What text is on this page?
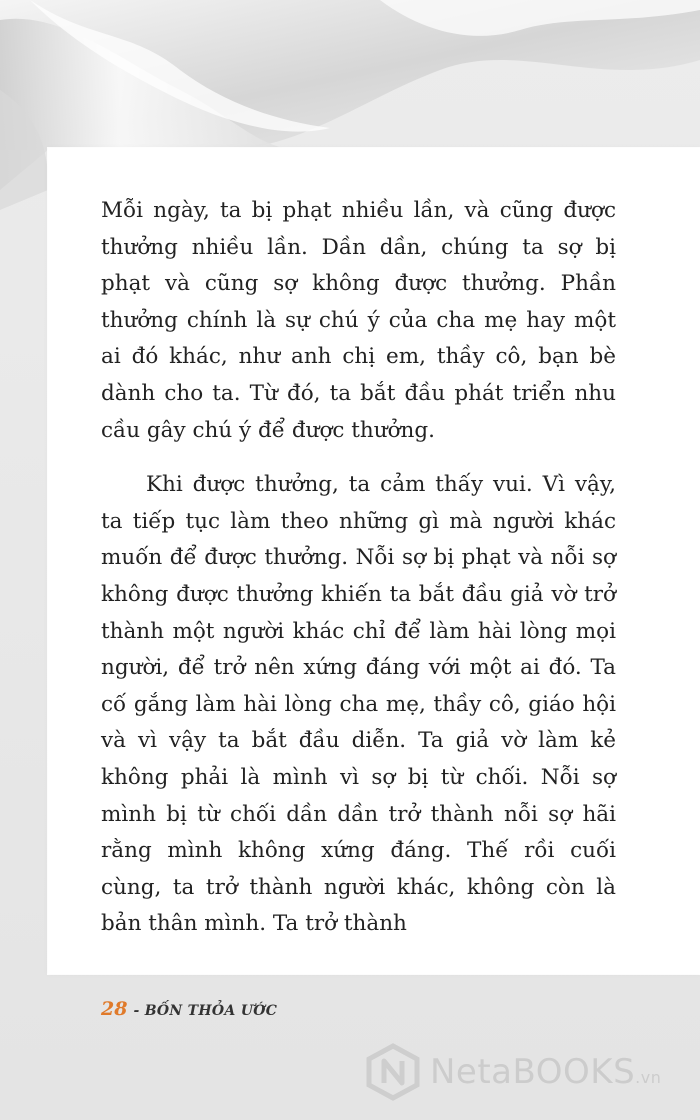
Mỗi ngày, ta bị phạt nhiều lần, và cũng được thưởng nhiều lần. Dần dần, chúng ta sợ bị phạt và cũng sợ không được thưởng. Phần thưởng chính là sự chú ý của cha mẹ hay một ai đó khác, như anh chị em, thầy cô, bạn bè dành cho ta. Từ đó, ta bắt đầu phát triển nhu cầu gây chú ý để được thưởng.

Khi được thưởng, ta cảm thấy vui. Vì vậy, ta tiếp tục làm theo những gì mà người khác muốn để được thưởng. Nỗi sợ bị phạt và nỗi sợ không được thưởng khiến ta bắt đầu giả vờ trở thành một người khác chỉ để làm hài lòng mọi người, để trở nên xứng đáng với một ai đó. Ta cố gắng làm hài lòng cha mẹ, thầy cô, giáo hội và vì vậy ta bắt đầu diễn. Ta giả vờ làm kẻ không phải là mình vì sợ bị từ chối. Nỗi sợ mình bị từ chối dần dần trở thành nỗi sợ hãi rằng mình không xứng đáng. Thế rồi cuối cùng, ta trở thành người khác, không còn là bản thân mình. Ta trở thành

28 - BỐN THỎA ƯỚC
NetaBOOKS.vn
